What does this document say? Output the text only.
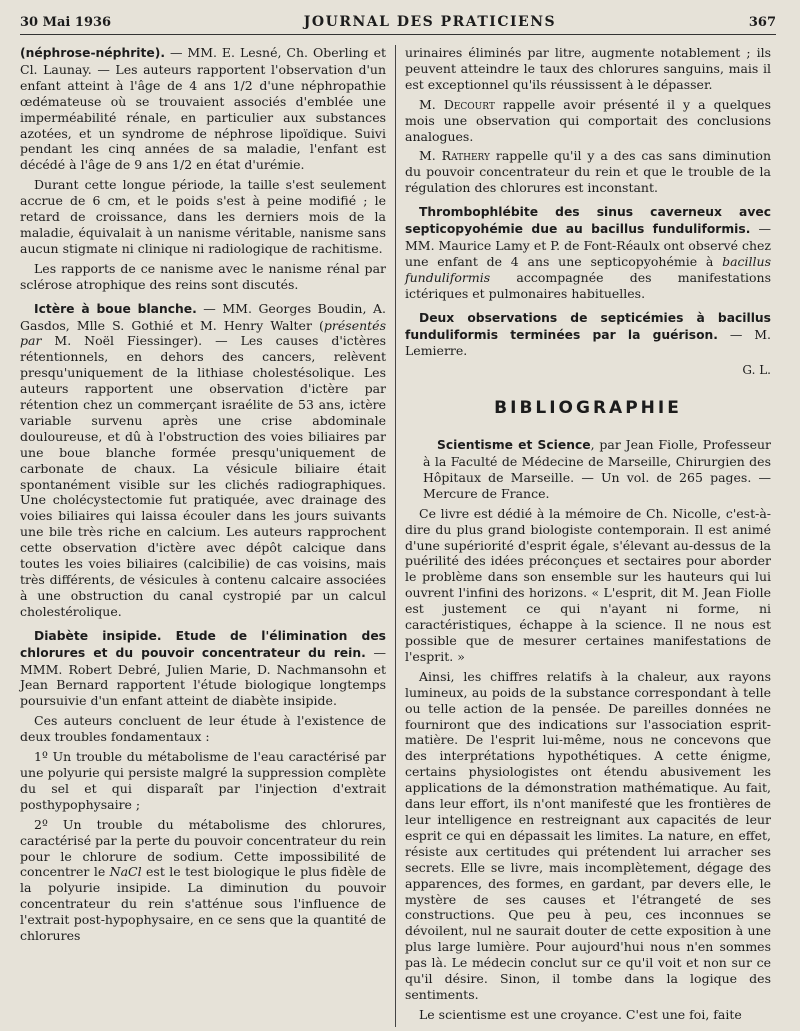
30 Mai 1936	JOURNAL DES PRATICIENS	367

(néphrose-néphrite). — MM. E. Lesné, Ch. Oberling et Cl. Launay. — Les auteurs rapportent l'observation d'un enfant atteint à l'âge de 4 ans 1/2 d'une néphropathie œdémateuse où se trouvaient associés d'emblée une imperméabilité rénale, en particulier aux substances azotées, et un syndrome de néphrose lipoïdique. Suivi pendant les cinq années de sa maladie, l'enfant est décédé à l'âge de 9 ans 1/2 en état d'urémie.

Durant cette longue période, la taille s'est seulement accrue de 6 cm, et le poids s'est à peine modifié ; le retard de croissance, dans les derniers mois de la maladie, équivalait à un nanisme véritable, nanisme sans aucun stigmate ni clinique ni radiologique de rachitisme.

Les rapports de ce nanisme avec le nanisme rénal par sclérose atrophique des reins sont discutés.

Ictère à boue blanche. — MM. Georges Boudin, A. Gasdos, Mlle S. Gothié et M. Henry Walter (présentés par M. Noël Fiessinger). — Les causes d'ictères rétentionnels, en dehors des cancers, relèvent presqu'uniquement de la lithiase cholestésolique. Les auteurs rapportent une observation d'ictère par rétention chez un commerçant israélite de 53 ans, ictère variable survenu après une crise abdominale douloureuse, et dû à l'obstruction des voies biliaires par une boue blanche formée presqu'uniquement de carbonate de chaux. La vésicule biliaire était spontanément visible sur les clichés radiographiques. Une cholécystectomie fut pratiquée, avec drainage des voies biliaires qui laissa écouler dans les jours suivants une bile très riche en calcium. Les auteurs rapprochent cette observation d'ictère avec dépôt calcique dans toutes les voies biliaires (calcibilie) de cas voisins, mais très différents, de vésicules à contenu calcaire associées à une obstruction du canal cystropié par un calcul cholestérolique.

Diabète insipide. Etude de l'élimination des chlorures et du pouvoir concentrateur du rein. — MMM. Robert Debré, Julien Marie, D. Nachmansohn et Jean Bernard rapportent l'étude biologique longtemps poursuivie d'un enfant atteint de diabète insipide.

Ces auteurs concluent de leur étude à l'existence de deux troubles fondamentaux :

1º Un trouble du métabolisme de l'eau caractérisé par une polyurie qui persiste malgré la suppression complète du sel et qui disparaît par l'injection d'extrait posthypophysaire ;

2º Un trouble du métabolisme des chlorures, caractérisé par la perte du pouvoir concentrateur du rein pour le chlorure de sodium. Cette impossibilité de concentrer le NaCl est le test biologique le plus fidèle de la polyurie insipide. La diminution du pouvoir concentrateur du rein s'atténue sous l'influence de l'extrait post-hypophysaire, en ce sens que la quantité de chlorures

urinaires éliminés par litre, augmente notablement ; ils peuvent atteindre le taux des chlorures sanguins, mais il est exceptionnel qu'ils réussissent à le dépasser.

M. Decourt rappelle avoir présenté il y a quelques mois une observation qui comportait des conclusions analogues.

M. Rathery rappelle qu'il y a des cas sans diminution du pouvoir concentrateur du rein et que le trouble de la régulation des chlorures est inconstant.

Thrombophlébite des sinus caverneux avec septicopyohémie due au bacillus funduliformis. — MM. Maurice Lamy et P. de Font-Réaulx ont observé chez une enfant de 4 ans une septicopyohémie à bacillus funduliformis accompagnée des manifestations ictériques et pulmonaires habituelles.

Deux observations de septicémies à bacillus funduliformis terminées par la guérison. — M. Lemierre.

G. L.
BIBLIOGRAPHIE

Scientisme et Science, par Jean Fiolle, Professeur à la Faculté de Médecine de Marseille, Chirurgien des Hôpitaux de Marseille. — Un vol. de 265 pages. — Mercure de France.

Ce livre est dédié à la mémoire de Ch. Nicolle, c'est-à-dire du plus grand biologiste contemporain. Il est animé d'une supériorité d'esprit égale, s'élevant au-dessus de la puérilité des idées préconçues et sectaires pour aborder le problème dans son ensemble sur les hauteurs qui lui ouvrent l'infini des horizons. « L'esprit, dit M. Jean Fiolle est justement ce qui n'ayant ni forme, ni caractéristiques, échappe à la science. Il ne nous est possible que de mesurer certaines manifestations de l'esprit. »

Ainsi, les chiffres relatifs à la chaleur, aux rayons lumineux, au poids de la substance correspondant à telle ou telle action de la pensée. De pareilles données ne fourniront que des indications sur l'association esprit-matière. De l'esprit lui-même, nous ne concevons que des interprétations hypothétiques. A cette énigme, certains physiologistes ont étendu abusivement les applications de la démonstration mathématique. Au fait, dans leur effort, ils n'ont manifesté que les frontières de leur intelligence en restreignant aux capacités de leur esprit ce qui en dépassait les limites. La nature, en effet, résiste aux certitudes qui prétendent lui arracher ses secrets. Elle se livre, mais incomplètement, dégage des apparences, des formes, en gardant, par devers elle, le mystère de ses causes et l'étrangeté de ses constructions. Que peu à peu, ces inconnues se dévoilent, nul ne saurait douter de cette exposition à une plus large lumière. Pour aujourd'hui nous n'en sommes pas là. Le médecin conclut sur ce qu'il voit et non sur ce qu'il désire. Sinon, il tombe dans la logique des sentiments.

Le scientisme est une croyance. C'est une foi, faite
